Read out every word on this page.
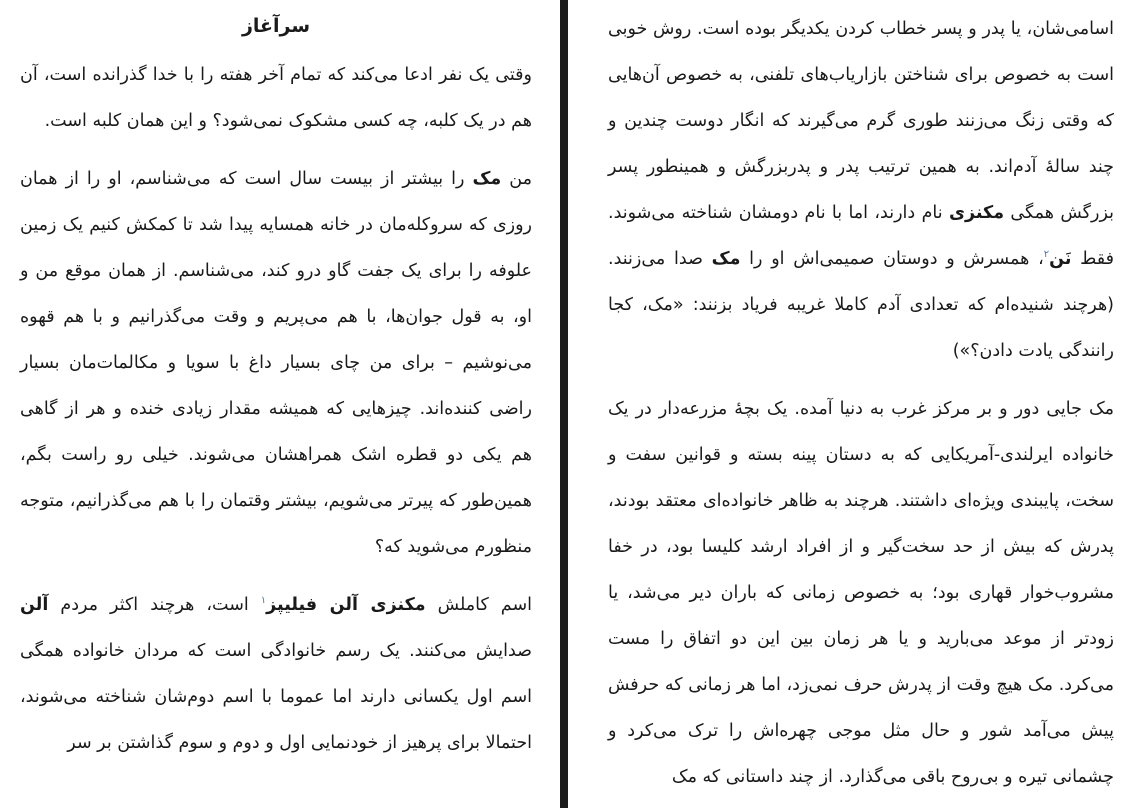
سرآغاز

وقتی یک نفر ادعا می‌کند که تمام آخر هفته را با خدا گذرانده است، آن هم در یک کلبه، چه کسی مشکوک نمی‌شود؟ و این همان کلبه است.

من مک را بیشتر از بیست سال است که می‌شناسم، او را از همان روزی که سروکله‌مان در خانه همسایه پیدا شد تا کمکش کنیم یک زمین علوفه را برای یک جفت گاو درو کند، می‌شناسم. از همان موقع من و او، به قول جوان‌ها، با هم می‌پریم و وقت می‌گذرانیم و با هم قهوه می‌نوشیم – برای من چای بسیار داغ با سویا و مکالمات‌مان بسیار راضی کننده‌اند. چیزهایی که همیشه مقدار زیادی خنده و هر از گاهی هم یکی دو قطره اشک همراهشان می‌شوند. خیلی رو راست بگم، همین‌طور که پیرتر می‌شویم، بیشتر وقتمان را با هم می‌گذرانیم، متوجه منظورم می‌شوید که؟

اسم کاملش مکنزی آلن فیلیپز$^۱$ است، هرچند اکثر مردم آلن صدایش می‌کنند. یک رسم خانوادگی است که مردان خانواده همگی اسم اول یکسانی دارند اما عموما با اسم دوم‌شان شناخته می‌شوند، احتمالا برای پرهیز از خودنمایی اول و دوم و سوم گذاشتن بر سر

اسامی‌شان، یا پدر و پسر خطاب کردن یکدیگر بوده است. روش خوبی است به خصوص برای شناختن بازاریاب‌های تلفنی، به خصوص آن‌هایی که وقتی زنگ می‌زنند طوری گرم می‌گیرند که انگار دوست چندین و چند سالهٔ آدم‌اند. به همین ترتیب پدر و پدربزرگش و همینطور پسر بزرگش همگی مکنزی نام دارند، اما با نام دومشان شناخته می‌شوند. فقط نَن$^۲$، همسرش و دوستان صمیمی‌اش او را مک صدا می‌زنند. (هرچند شنیده‌ام که تعدادی آدم کاملا غریبه فریاد بزنند: «مک، کجا رانندگی یادت دادن؟»)

مک جایی دور و بر مرکز غرب به دنیا آمده. یک بچهٔ مزرعه‌دار در یک خانواده ایرلندی-آمریکایی که به دستان پینه بسته و قوانین سفت و سخت، پایبندی ویژه‌ای داشتند. هرچند به ظاهر خانواده‌ای معتقد بودند، پدرش که بیش از حد سخت‌گیر و از افراد ارشد کلیسا بود، در خفا مشروب‌خوار قهاری بود؛ به خصوص زمانی که باران دیر می‌شد، یا زودتر از موعد می‌بارید و یا هر زمان بین این دو اتفاق را مست می‌کرد. مک هیچ وقت از پدرش حرف نمی‌زد، اما هر زمانی که حرفش پیش می‌آمد شور و حال مثل موجی چهره‌اش را ترک می‌کرد و چشمانی تیره و بی‌روح باقی می‌گذارد. از چند داستانی که مک
